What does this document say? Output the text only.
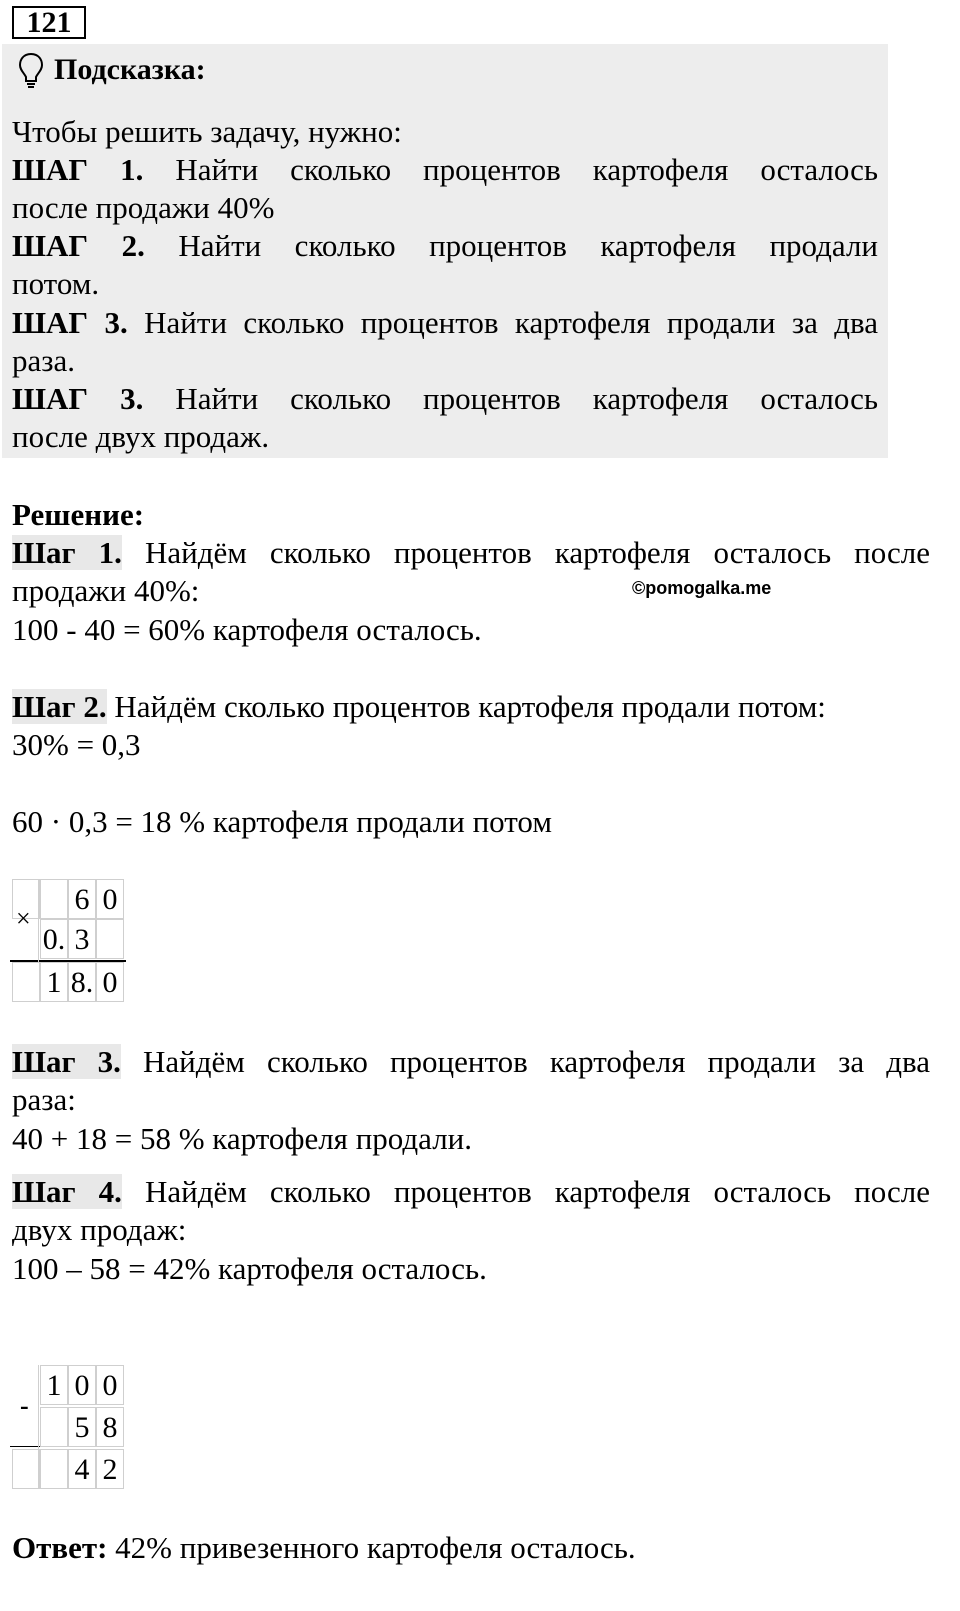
121
Подсказка:
Чтобы решить задачу, нужно:
ШАГ 1. Найти сколько процентов картофеля осталось
после продажи 40%
ШАГ 2. Найти сколько процентов картофеля продали
потом.
ШАГ 3. Найти сколько процентов картофеля продали за два
раза.
ШАГ 3. Найти сколько процентов картофеля осталось
после двух продаж.
Решение:
Шаг 1. Найдём сколько процентов картофеля осталось после
продажи 40%:	©pomogalka.me
100 - 40 = 60% картофеля осталось.
Шаг 2. Найдём сколько процентов картофеля продали потом:
30% = 0,3
60 · 0,3 = 18 % картофеля продали потом
6 0
0. 3
1 8. 0
×
Шаг 3. Найдём сколько процентов картофеля продали за два
раза:
40 + 18 = 58 % картофеля продали.
Шаг 4. Найдём сколько процентов картофеля осталось после
двух продаж:
100 – 58 = 42% картофеля осталось.
1 0 0
5 8
4 2
-
Ответ: 42% привезенного картофеля осталось.
